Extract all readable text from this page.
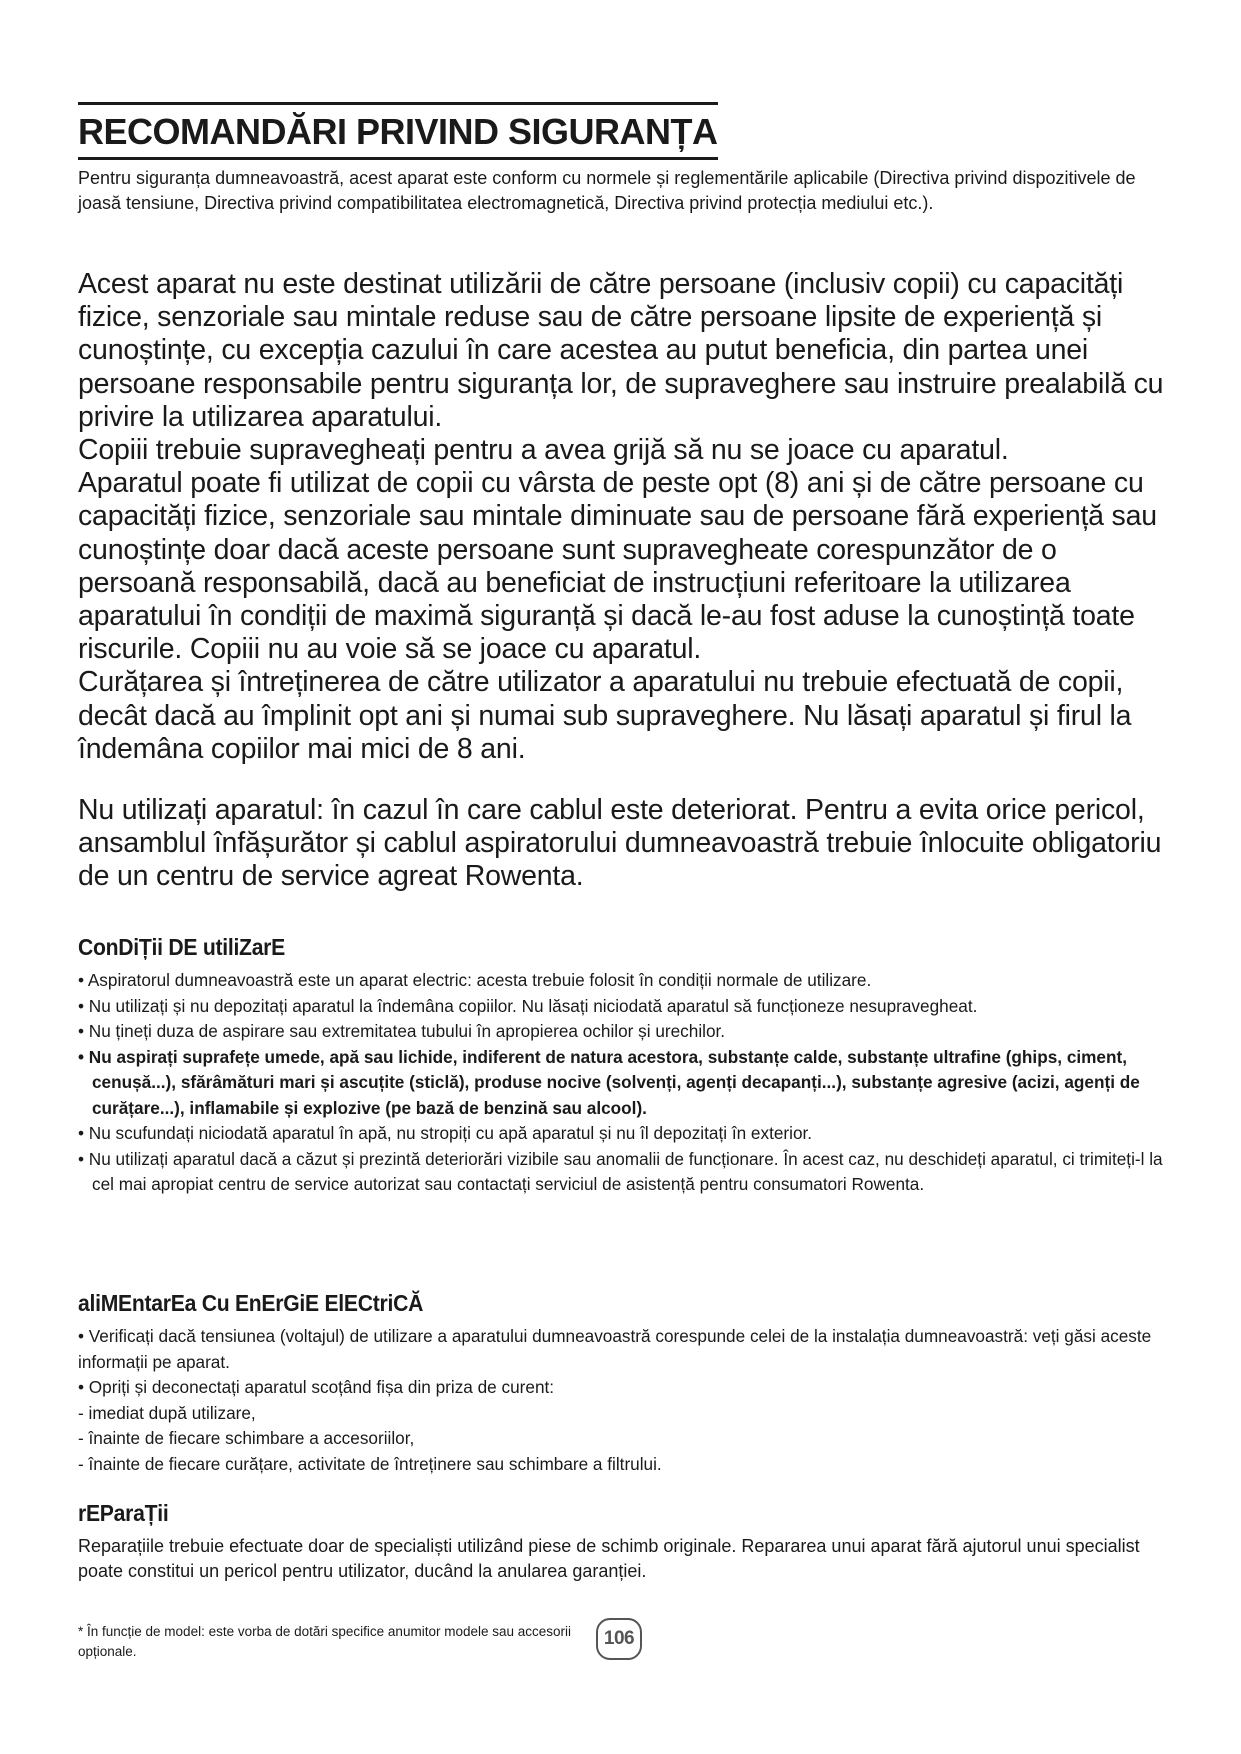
RECOMANDĂRI PRIVIND SIGURANȚA

Pentru siguranța dumneavoastră, acest aparat este conform cu normele și reglementările aplicabile (Directiva privind dispozitivele de joasă tensiune, Directiva privind compatibilitatea electromagnetică, Directiva privind protecția mediului etc.).

Acest aparat nu este destinat utilizării de către persoane (inclusiv copii) cu capacități fizice, senzoriale sau mintale reduse sau de către persoane lipsite de experiență și cunoștințe, cu excepția cazului în care acestea au putut beneficia, din partea unei persoane responsabile pentru siguranța lor, de supraveghere sau instruire prealabilă cu privire la utilizarea aparatului.

Copiii trebuie supravegheați pentru a avea grijă să nu se joace cu aparatul.

Aparatul poate fi utilizat de copii cu vârsta de peste opt (8) ani și de către persoane cu capacități fizice, senzoriale sau mintale diminuate sau de persoane fără experiență sau cunoștințe doar dacă aceste persoane sunt supravegheate corespunzător de o persoană responsabilă, dacă au beneficiat de instrucțiuni referitoare la utilizarea aparatului în condiții de maximă siguranță și dacă le-au fost aduse la cunoștință toate riscurile. Copiii nu au voie să se joace cu aparatul.

Curățarea și întreținerea de către utilizator a aparatului nu trebuie efectuată de copii, decât dacă au împlinit opt ani și numai sub supraveghere. Nu lăsați aparatul și firul la îndemâna copiilor mai mici de 8 ani.

Nu utilizați aparatul: în cazul în care cablul este deteriorat. Pentru a evita orice pericol, ansamblul înfășurător și cablul aspiratorului dumneavoastră trebuie înlocuite obligatoriu de un centru de service agreat Rowenta.

ConDiȚii DE utiliZarE
• Aspiratorul dumneavoastră este un aparat electric: acesta trebuie folosit în condiții normale de utilizare.
• Nu utilizați și nu depozitați aparatul la îndemâna copiilor. Nu lăsați niciodată aparatul să funcționeze nesupravegheat.
• Nu țineți duza de aspirare sau extremitatea tubului în apropierea ochilor și urechilor.
• Nu aspirați suprafețe umede, apă sau lichide, indiferent de natura acestora, substanțe calde, substanțe ultrafine (ghips, ciment, cenușă...), sfărâmături mari și ascuțite (sticlă), produse nocive (solvenți, agenți decapanți...), substanțe agresive (acizi, agenți de curățare...), inflamabile și explozive (pe bază de benzină sau alcool).
• Nu scufundați niciodată aparatul în apă, nu stropiți cu apă aparatul și nu îl depozitați în exterior.
• Nu utilizați aparatul dacă a căzut și prezintă deteriorări vizibile sau anomalii de funcționare. În acest caz, nu deschideți aparatul, ci trimiteți-l la cel mai apropiat centru de service autorizat sau contactați serviciul de asistență pentru consumatori Rowenta.
aliMEntarEa Cu EnErGiE ElECtriCĂ
• Verificați dacă tensiunea (voltajul) de utilizare a aparatului dumneavoastră corespunde celei de la instalația dumneavoastră: veți găsi aceste informații pe aparat.
• Opriți și deconectați aparatul scoțând fișa din priza de curent:
- imediat după utilizare,
- înainte de fiecare schimbare a accesoriilor,
- înainte de fiecare curățare, activitate de întreținere sau schimbare a filtrului.
rEParaȚii

Reparațiile trebuie efectuate doar de specialiști utilizând piese de schimb originale. Repararea unui aparat fără ajutorul unui specialist poate constitui un pericol pentru utilizator, ducând la anularea garanției.

* În funcție de model: este vorba de dotări specifice anumitor modele sau accesorii opționale.

106
